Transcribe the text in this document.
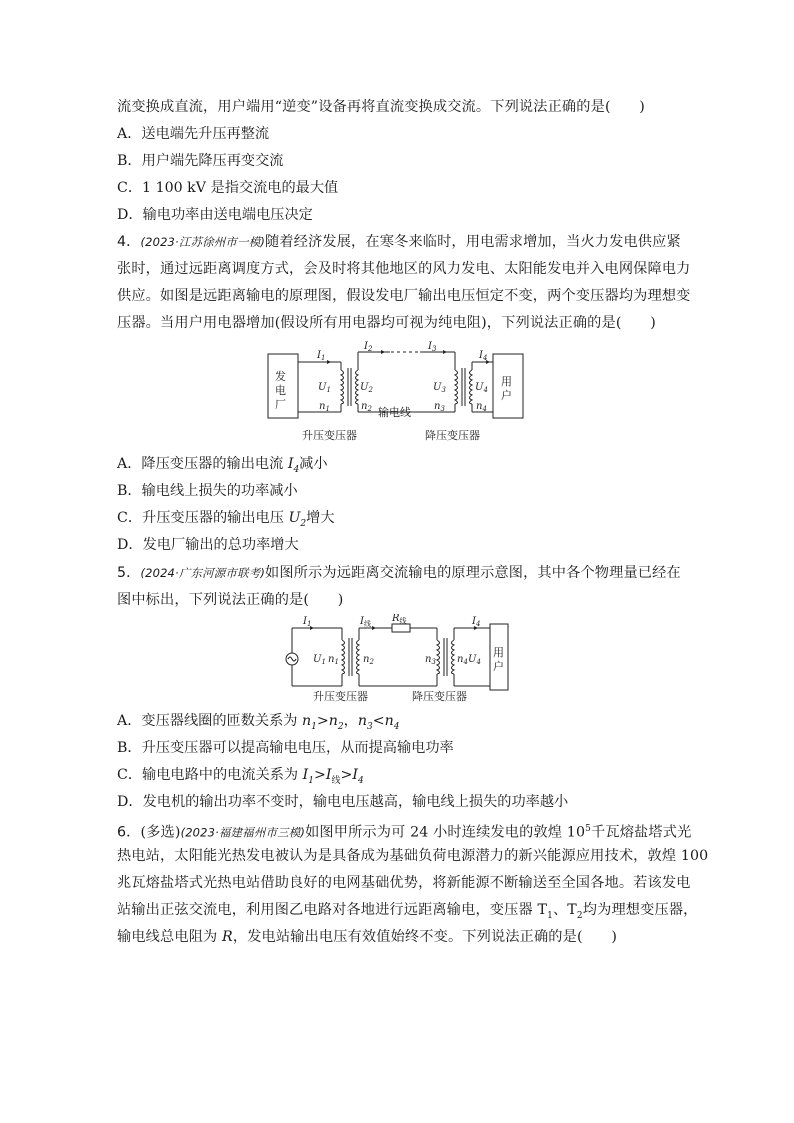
流变换成直流，用户端用“逆变”设备再将直流变换成交流。下列说法正确的是(　　)
A．送电端先升压再整流
B．用户端先降压再变交流
C．1 100 kV 是指交流电的最大值
D．输电功率由送电端电压决定
4．(2023·江苏徐州市一模)随着经济发展，在寒冬来临时，用电需求增加，当火力发电供应紧
张时，通过远距离调度方式，会及时将其他地区的风力发电、太阳能发电并入电网保障电力
供应。如图是远距离输电的原理图，假设发电厂输出电压恒定不变，两个变压器均为理想变
压器。当用户用电器增加(假设所有用电器均可视为纯电阻)，下列说法正确的是(　　)
发
电
厂
用
户
输电线
升压变压器	降压变压器
$I_1$
$I_2$	$I_3$
$I_4$
$U_1$	$U_2$	$U_3$	$U_4$
$n_1$	$n_2$	$n_3$	$n_4$
A．降压变压器的输出电流 $I_4$减小
B．输电线上损失的功率减小
C．升压变压器的输出电压 $U_2$增大
D．发电厂输出的总功率增大
5．(2024·广东河源市联考)如图所示为远距离交流输电的原理示意图，其中各个物理量已经在
图中标出，下列说法正确的是(　　)
用
户
升压变压器	降压变压器
$I_1$	$I_线$ $R_线$	$I_4$
$U_1$ $n_1$ $n_2$	$n_3$ $n_4$ $U_4$
A．变压器线圈的匝数关系为 $n_1>n_2$，$n_3<n_4$
B．升压变压器可以提高输电电压，从而提高输电功率
C．输电电路中的电流关系为 $I_1>I_线>I_4$
D．发电机的输出功率不变时，输电电压越高，输电线上损失的功率越小
6．(多选)(2023·福建福州市三模)如图甲所示为可 24 小时连续发电的敦煌 $10^5$千瓦熔盐塔式光
热电站，太阳能光热发电被认为是具备成为基础负荷电源潜力的新兴能源应用技术，敦煌 100
兆瓦熔盐塔式光热电站借助良好的电网基础优势，将新能源不断输送至全国各地。若该发电
站输出正弦交流电，利用图乙电路对各地进行远距离输电，变压器 $T_1$、$T_2$均为理想变压器，
输电线总电阻为 R，发电站输出电压有效值始终不变。下列说法正确的是(　　)
